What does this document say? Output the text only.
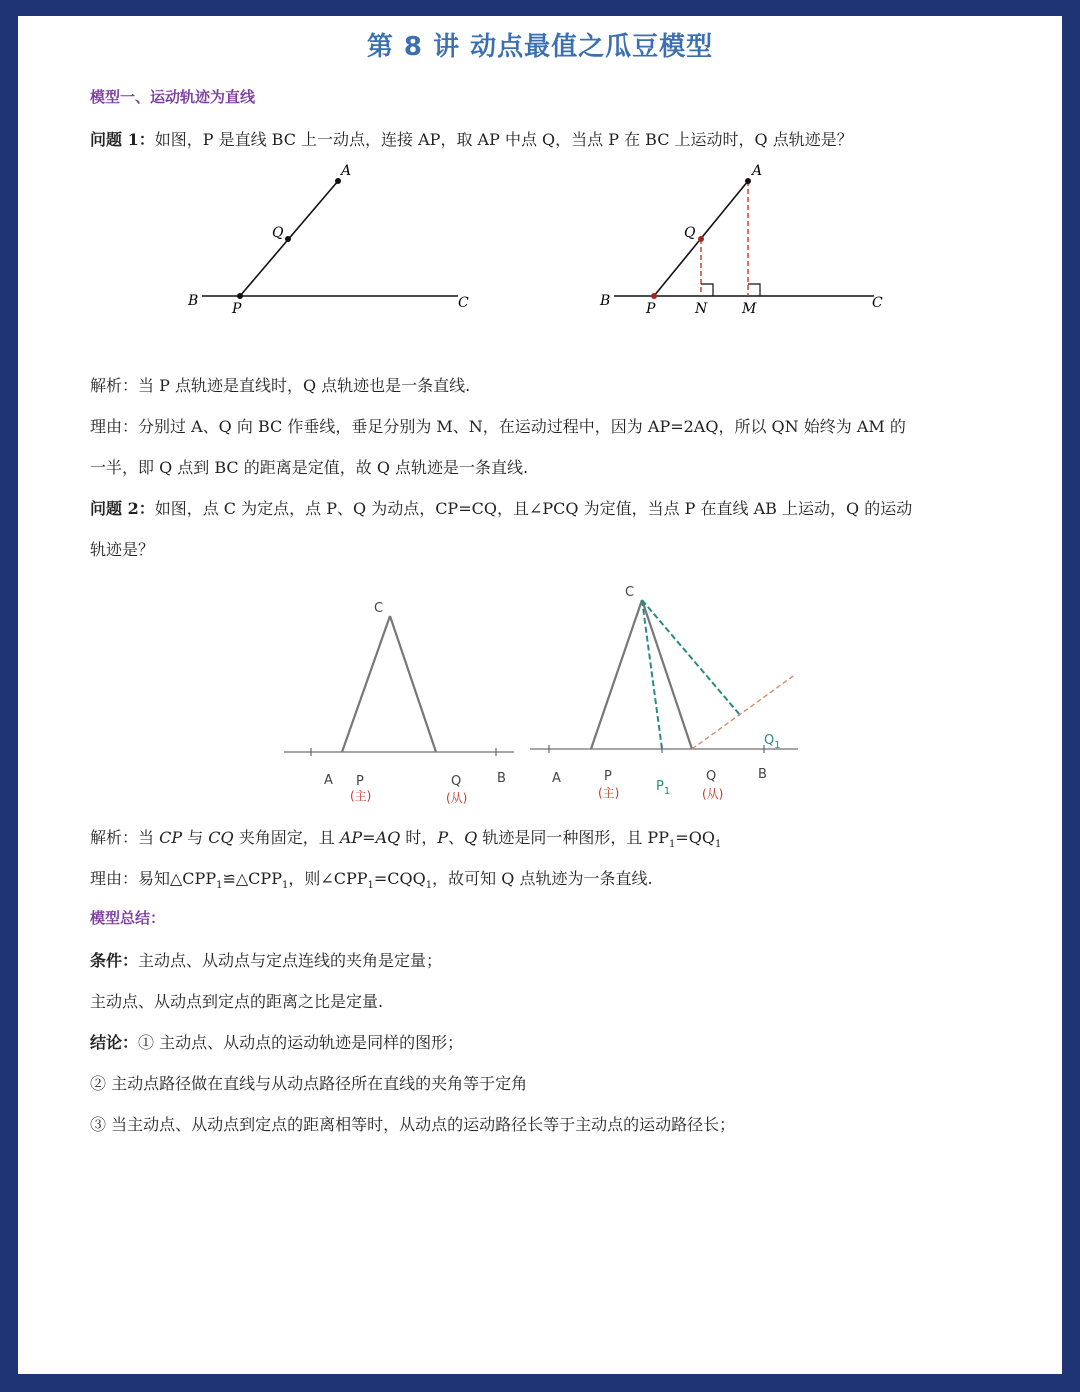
第 8 讲 动点最值之瓜豆模型
模型一、运动轨迹为直线
问题 1：如图，P 是直线 BC 上一动点，连接 AP，取 AP 中点 Q，当点 P 在 BC 上运动时，Q 点轨迹是？
A
Q
B P	C
A
Q
B	P	N M	C
解析：当 P 点轨迹是直线时，Q 点轨迹也是一条直线.
理由：分别过 A、Q 向 BC 作垂线，垂足分别为 M、N，在运动过程中，因为 AP=2AQ，所以 QN 始终为 AM 的
一半，即 Q 点到 BC 的距离是定值，故 Q 点轨迹是一条直线.
问题 2：如图，点 C 为定点，点 P、Q 为动点，CP=CQ，且∠PCQ 为定值，当点 P 在直线 AB 上运动，Q 的运动
轨迹是？
C
A P
(主)
Q
(从)
B
C
A	P
(主)	$P_1$
Q
(从)
B
$Q_1$
解析：当 CP 与 CQ 夹角固定，且 AP=AQ 时，P、Q 轨迹是同一种图形，且 $PP_1=QQ_1$
理由：易知$\triangle CPP_1≌\triangle CPP_1$，则$\angle CPP_1=CQQ_1$，故可知 Q 点轨迹为一条直线.
模型总结：
条件：主动点、从动点与定点连线的夹角是定量；
主动点、从动点到定点的距离之比是定量.
结论：① 主动点、从动点的运动轨迹是同样的图形；
② 主动点路径做在直线与从动点路径所在直线的夹角等于定角
③ 当主动点、从动点到定点的距离相等时，从动点的运动路径长等于主动点的运动路径长；
